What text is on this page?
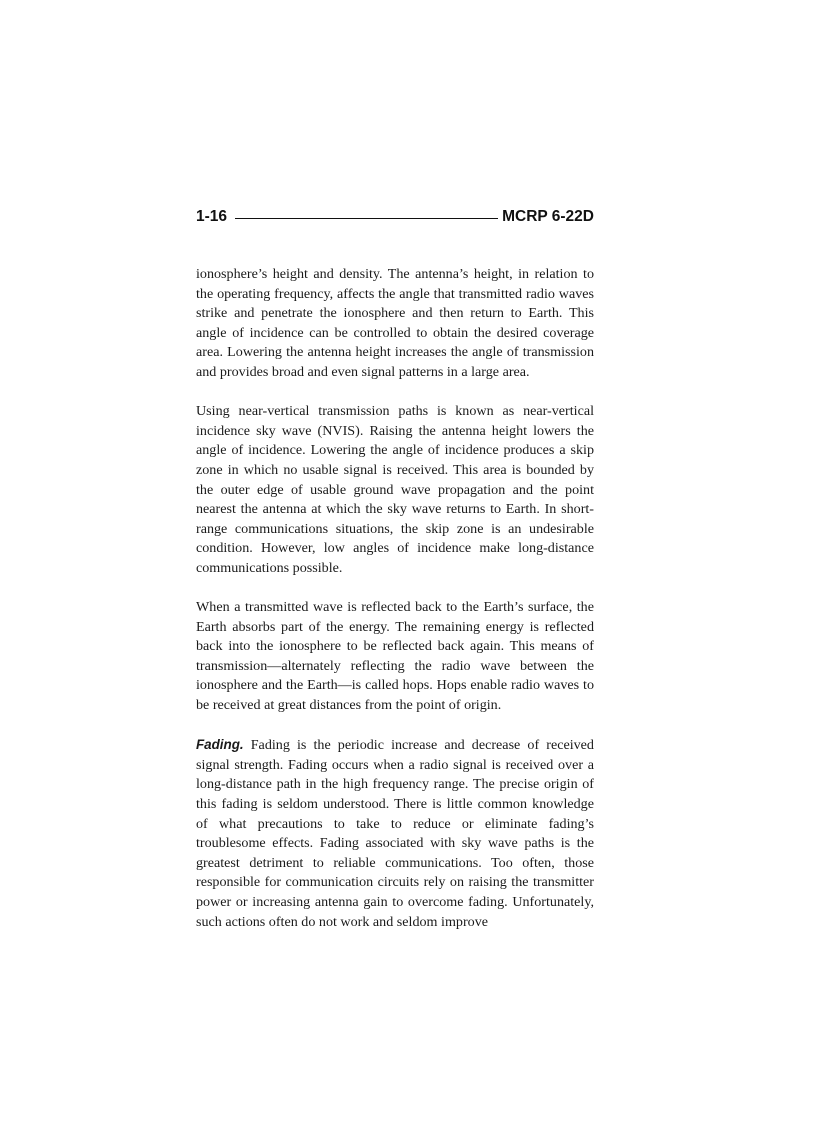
1-16	MCRP 6-22D

ionosphere’s height and density. The antenna’s height, in relation to the operating frequency, affects the angle that transmitted radio waves strike and penetrate the ionosphere and then return to Earth. This angle of incidence can be controlled to obtain the desired coverage area. Lowering the antenna height increases the angle of transmission and provides broad and even signal patterns in a large area.

Using near-vertical transmission paths is known as near-vertical incidence sky wave (NVIS). Raising the antenna height lowers the angle of incidence. Lowering the angle of incidence produces a skip zone in which no usable signal is received. This area is bounded by the outer edge of usable ground wave propagation and the point nearest the antenna at which the sky wave returns to Earth. In short-range communications situations, the skip zone is an undesirable condition. However, low angles of incidence make long-distance communications possible.

When a transmitted wave is reflected back to the Earth’s surface, the Earth absorbs part of the energy. The remaining energy is reflected back into the ionosphere to be reflected back again. This means of transmission—alternately reflecting the radio wave between the ionosphere and the Earth—is called hops. Hops enable radio waves to be received at great distances from the point of origin.

Fading. Fading is the periodic increase and decrease of received signal strength. Fading occurs when a radio signal is received over a long-distance path in the high frequency range. The precise origin of this fading is seldom understood. There is little common knowledge of what precautions to take to reduce or eliminate fading’s troublesome effects. Fading associated with sky wave paths is the greatest detriment to reliable communications. Too often, those responsible for communication circuits rely on raising the transmitter power or increasing antenna gain to overcome fading. Unfortunately, such actions often do not work and seldom improve
